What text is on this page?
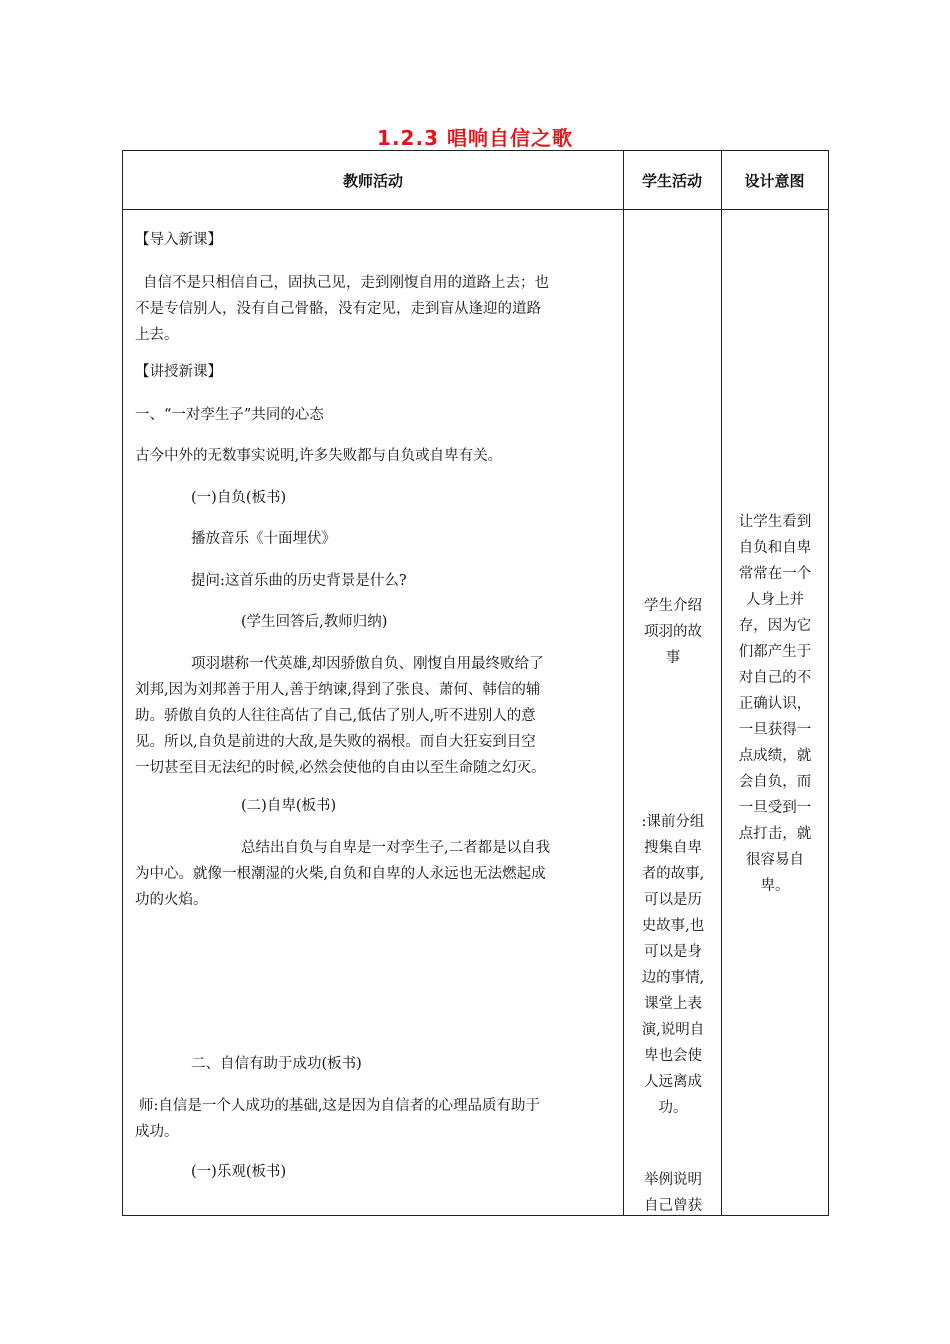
1.2.3 唱响自信之歌
教师活动	学生活动	设计意图
【导入新课】
自信不是只相信自己，固执己见，走到刚愎自用的道路上去；也
不是专信别人，没有自己骨骼，没有定见，走到盲从逢迎的道路
上去。
【讲授新课】
一、“一对孪生子”共同的心态
古今中外的无数事实说明,许多失败都与自负或自卑有关。
(一)自负(板书)
播放音乐《十面埋伏》
提问:这首乐曲的历史背景是什么?
(学生回答后,教师归纳)
项羽堪称一代英雄,却因骄傲自负、刚愎自用最终败给了
刘邦,因为刘邦善于用人,善于纳谏,得到了张良、萧何、韩信的辅
助。骄傲自负的人往往高估了自己,低估了别人,听不进别人的意
见。所以,自负是前进的大敌,是失败的祸根。而自大狂妄到目空
一切甚至目无法纪的时候,必然会使他的自由以至生命随之幻灭。
(二)自卑(板书)
总结出自负与自卑是一对孪生子,二者都是以自我
为中心。就像一根潮湿的火柴,自负和自卑的人永远也无法燃起成
功的火焰。
二、自信有助于成功(板书)
师:自信是一个人成功的基础,这是因为自信者的心理品质有助于
成功。
(一)乐观(板书)
学生介绍
项羽的故
事
:课前分组
搜集自卑
者的故事,
可以是历
史故事,也
可以是身
边的事情,
课堂上表
演,说明自
卑也会使
人远离成
功。
举例说明
自己曾获
让学生看到
自负和自卑
常常在一个
人身上并
存，因为它
们都产生于
对自己的不
正确认识，
一旦获得一
点成绩，就
会自负，而
一旦受到一
点打击，就
很容易自
卑。
